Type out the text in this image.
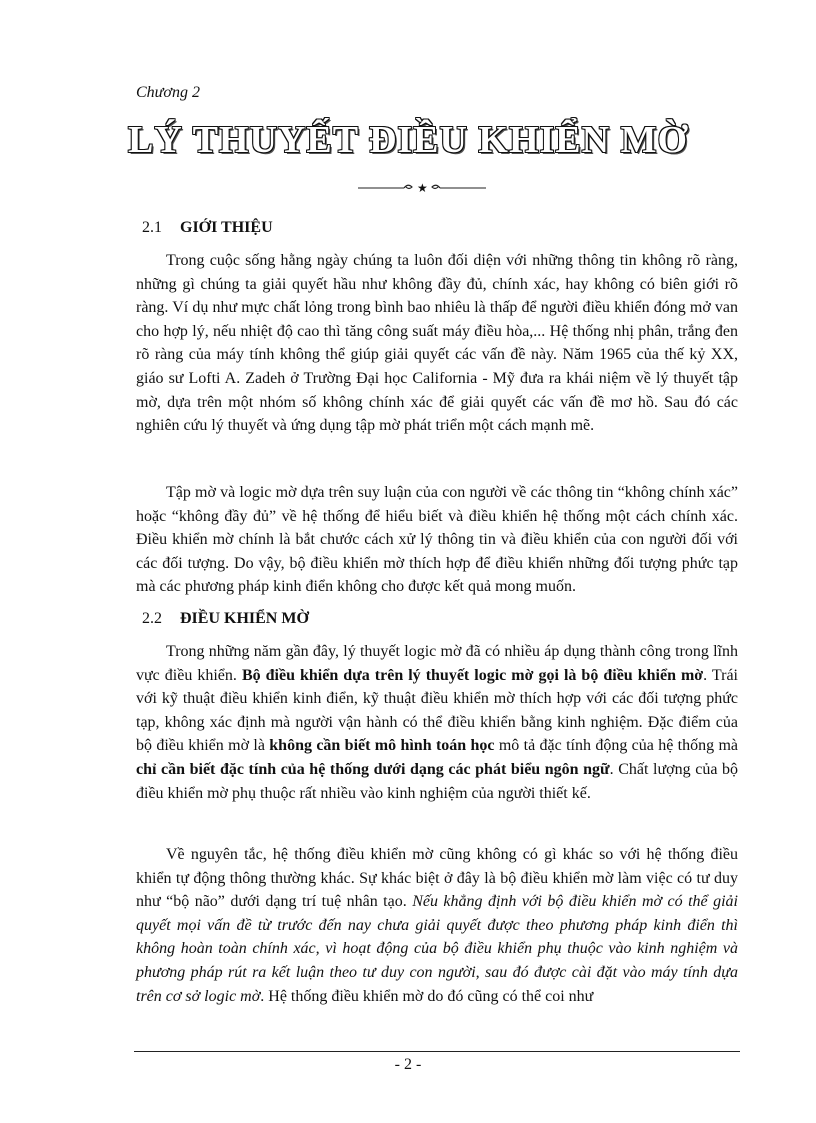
Chương 2
LÝ THUYẾT ĐIỀU KHIỂN MỜ
★
2.1 GIỚI THIỆU

Trong cuộc sống hằng ngày chúng ta luôn đối diện với những thông tin không rõ ràng, những gì chúng ta giải quyết hầu như không đầy đủ, chính xác, hay không có biên giới rõ ràng. Ví dụ như mực chất lỏng trong bình bao nhiêu là thấp để người điều khiển đóng mở van cho hợp lý, nếu nhiệt độ cao thì tăng công suất máy điều hòa,... Hệ thống nhị phân, trắng đen rõ ràng của máy tính không thể giúp giải quyết các vấn đề này. Năm 1965 của thế kỷ XX, giáo sư Lofti A. Zadeh ở Trường Đại học California - Mỹ đưa ra khái niệm về lý thuyết tập mờ, dựa trên một nhóm số không chính xác để giải quyết các vấn đề mơ hồ. Sau đó các nghiên cứu lý thuyết và ứng dụng tập mờ phát triển một cách mạnh mẽ.

Tập mờ và logic mờ dựa trên suy luận của con người về các thông tin “không chính xác” hoặc “không đầy đủ” về hệ thống để hiểu biết và điều khiển hệ thống một cách chính xác. Điều khiển mờ chính là bắt chước cách xử lý thông tin và điều khiển của con người đối với các đối tượng. Do vậy, bộ điều khiển mờ thích hợp để điều khiển những đối tượng phức tạp mà các phương pháp kinh điển không cho được kết quả mong muốn.

2.2 ĐIỀU KHIỂN MỜ

Trong những năm gần đây, lý thuyết logic mờ đã có nhiều áp dụng thành công trong lĩnh vực điều khiển. Bộ điều khiển dựa trên lý thuyết logic mờ gọi là bộ điều khiển mờ. Trái với kỹ thuật điều khiển kinh điển, kỹ thuật điều khiển mờ thích hợp với các đối tượng phức tạp, không xác định mà người vận hành có thể điều khiển bằng kinh nghiệm. Đặc điểm của bộ điều khiển mờ là không cần biết mô hình toán học mô tả đặc tính động của hệ thống mà chỉ cần biết đặc tính của hệ thống dưới dạng các phát biểu ngôn ngữ. Chất lượng của bộ điều khiển mờ phụ thuộc rất nhiều vào kinh nghiệm của người thiết kế.

Về nguyên tắc, hệ thống điều khiển mờ cũng không có gì khác so với hệ thống điều khiển tự động thông thường khác. Sự khác biệt ở đây là bộ điều khiển mờ làm việc có tư duy như “bộ não” dưới dạng trí tuệ nhân tạo. Nếu khẳng định với bộ điều khiển mờ có thể giải quyết mọi vấn đề từ trước đến nay chưa giải quyết được theo phương pháp kinh điển thì không hoàn toàn chính xác, vì hoạt động của bộ điều khiển phụ thuộc vào kinh nghiệm và phương pháp rút ra kết luận theo tư duy con người, sau đó được cài đặt vào máy tính dựa trên cơ sở logic mờ. Hệ thống điều khiển mờ do đó cũng có thể coi như

- 2 -
